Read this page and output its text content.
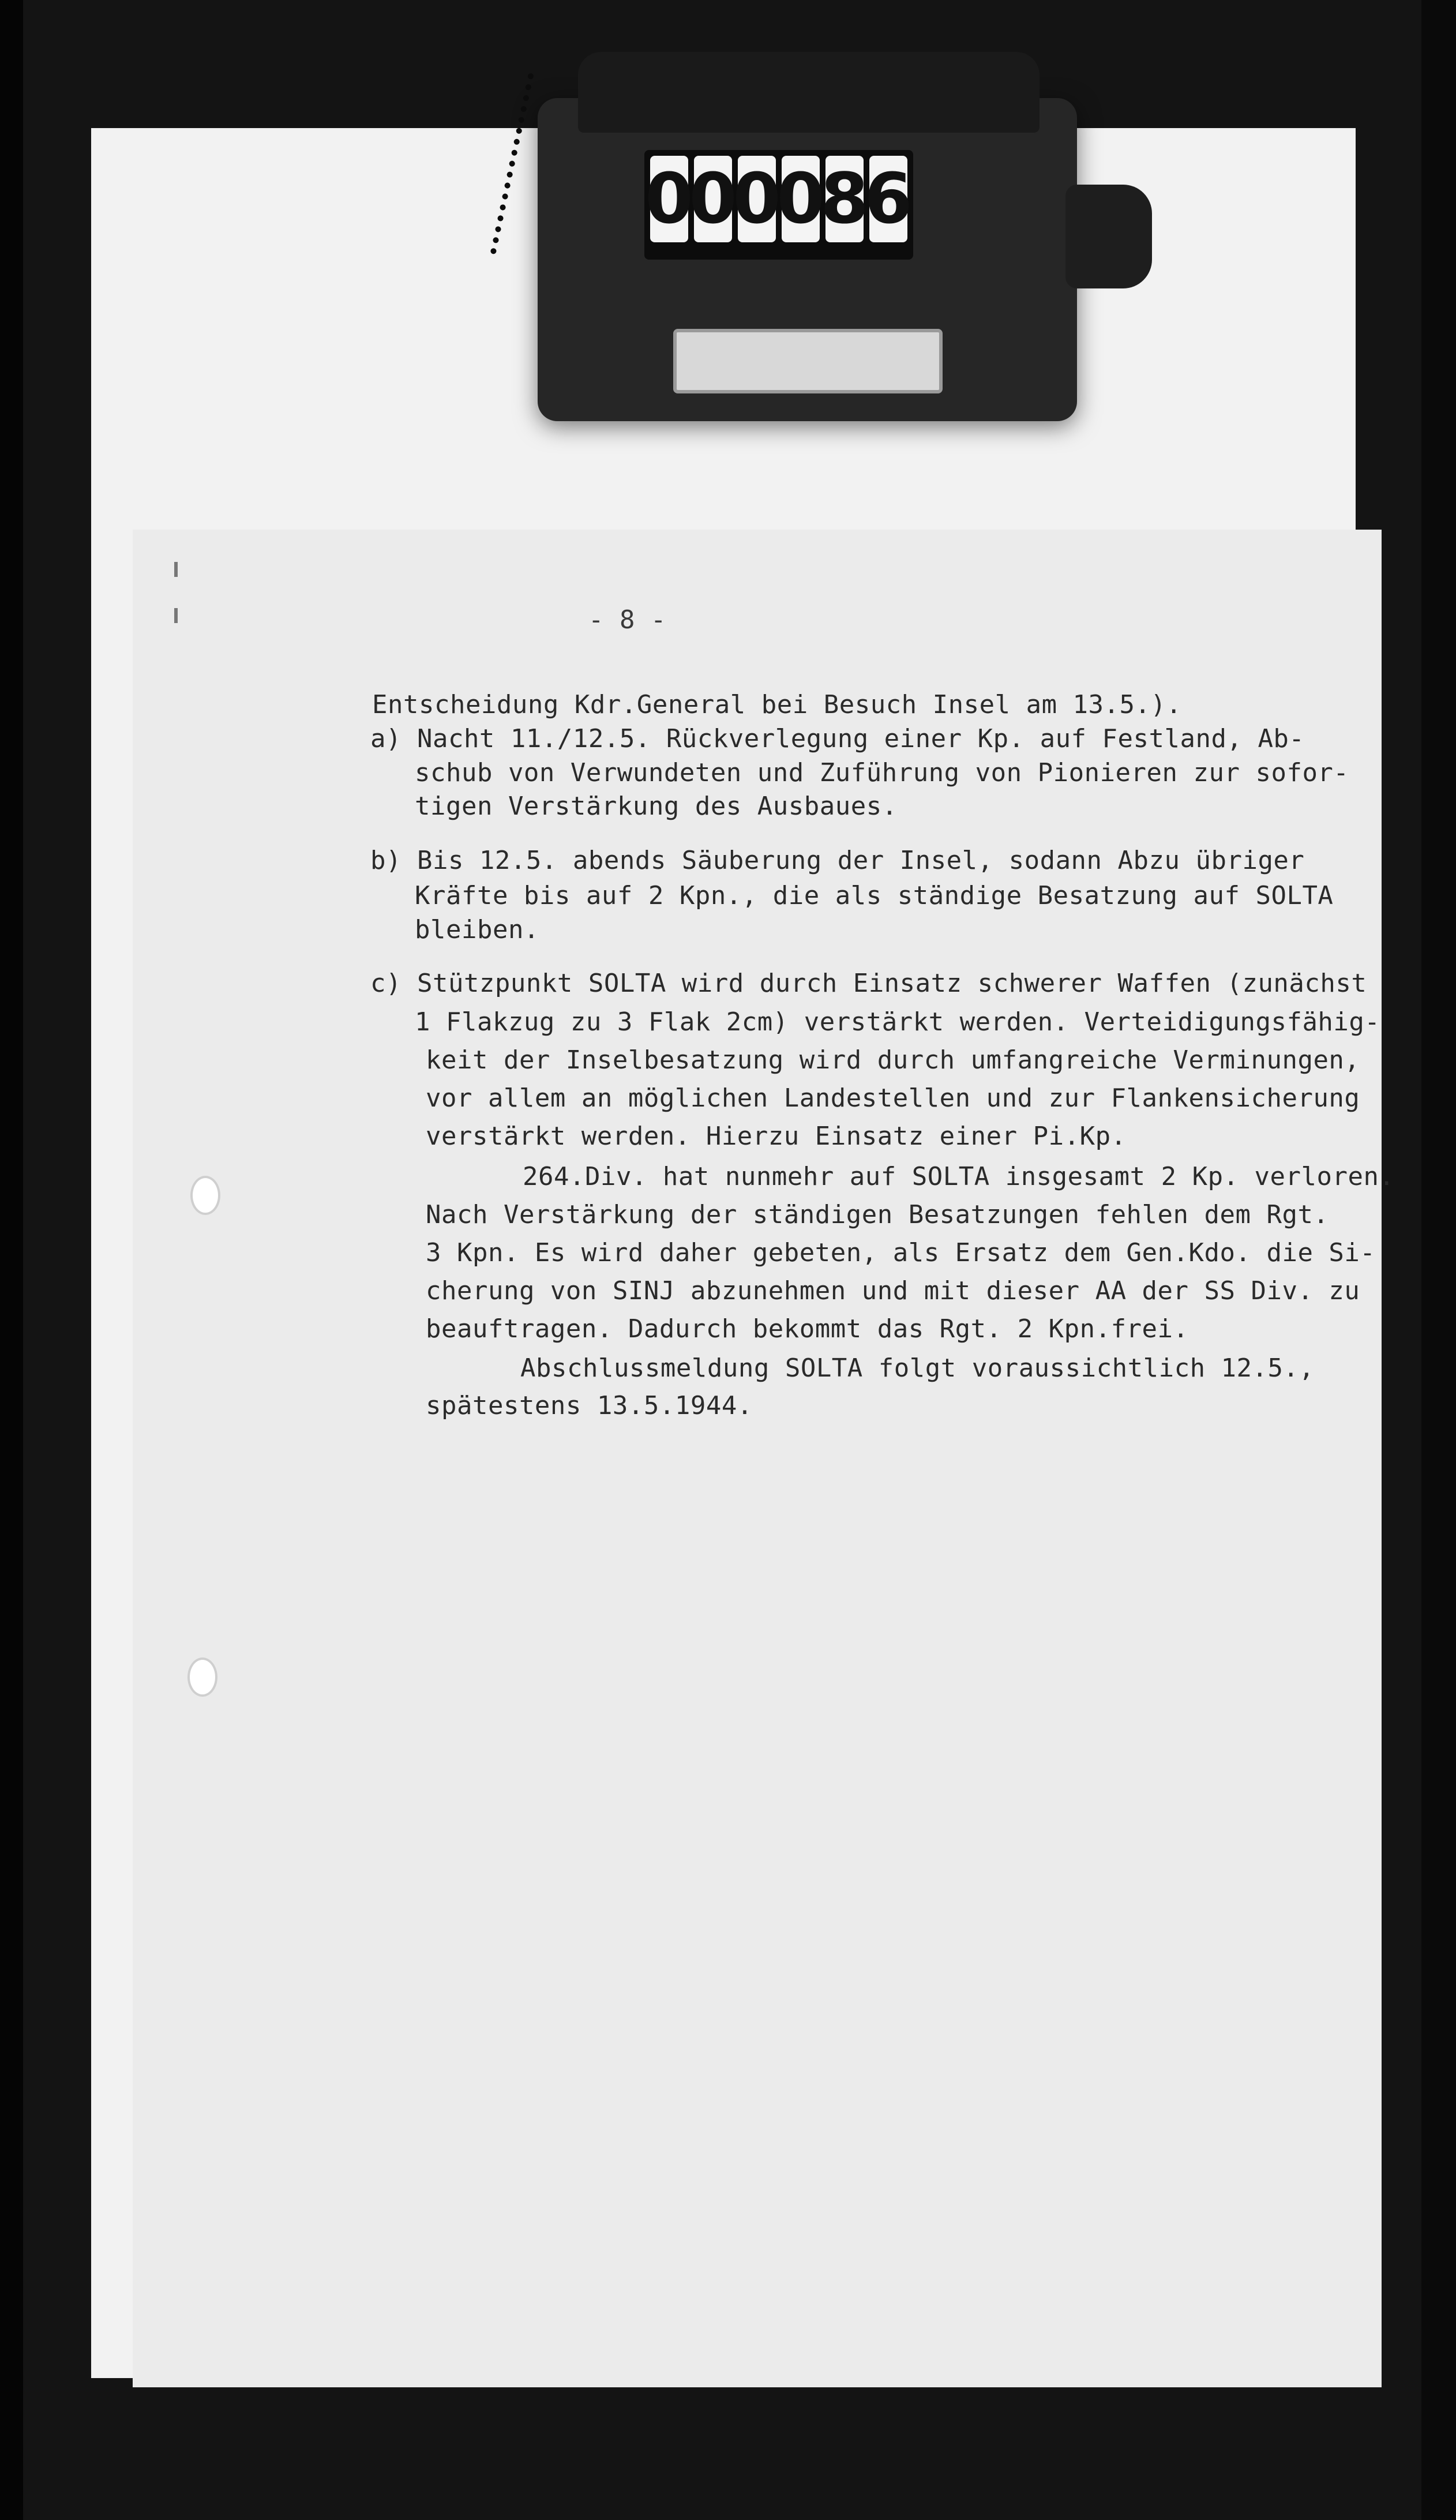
0
0
0
0
8
6
- 8 -
Entscheidung Kdr.General bei Besuch Insel am 13.5.).
a) Nacht 11./12.5. Rückverlegung einer Kp. auf Festland, Ab-
schub von Verwundeten und Zuführung von Pionieren zur sofor-
tigen Verstärkung des Ausbaues.
b) Bis 12.5. abends Säuberung der Insel, sodann Abzu übriger
Kräfte bis auf 2 Kpn., die als ständige Besatzung auf SOLTA
bleiben.
c) Stützpunkt SOLTA wird durch Einsatz schwerer Waffen (zunächst
1 Flakzug zu 3 Flak 2cm) verstärkt werden. Verteidigungsfähig-
keit der Inselbesatzung wird durch umfangreiche Verminungen,
vor allem an möglichen Landestellen und zur Flankensicherung
verstärkt werden. Hierzu Einsatz einer Pi.Kp.
264.Div. hat nunmehr auf SOLTA insgesamt 2 Kp. verloren.
Nach Verstärkung der ständigen Besatzungen fehlen dem Rgt.
3 Kpn. Es wird daher gebeten, als Ersatz dem Gen.Kdo. die Si-
cherung von SINJ abzunehmen und mit dieser AA der SS Div. zu
beauftragen. Dadurch bekommt das Rgt. 2 Kpn.frei.
Abschlussmeldung SOLTA folgt voraussichtlich 12.5.,
spätestens 13.5.1944.
